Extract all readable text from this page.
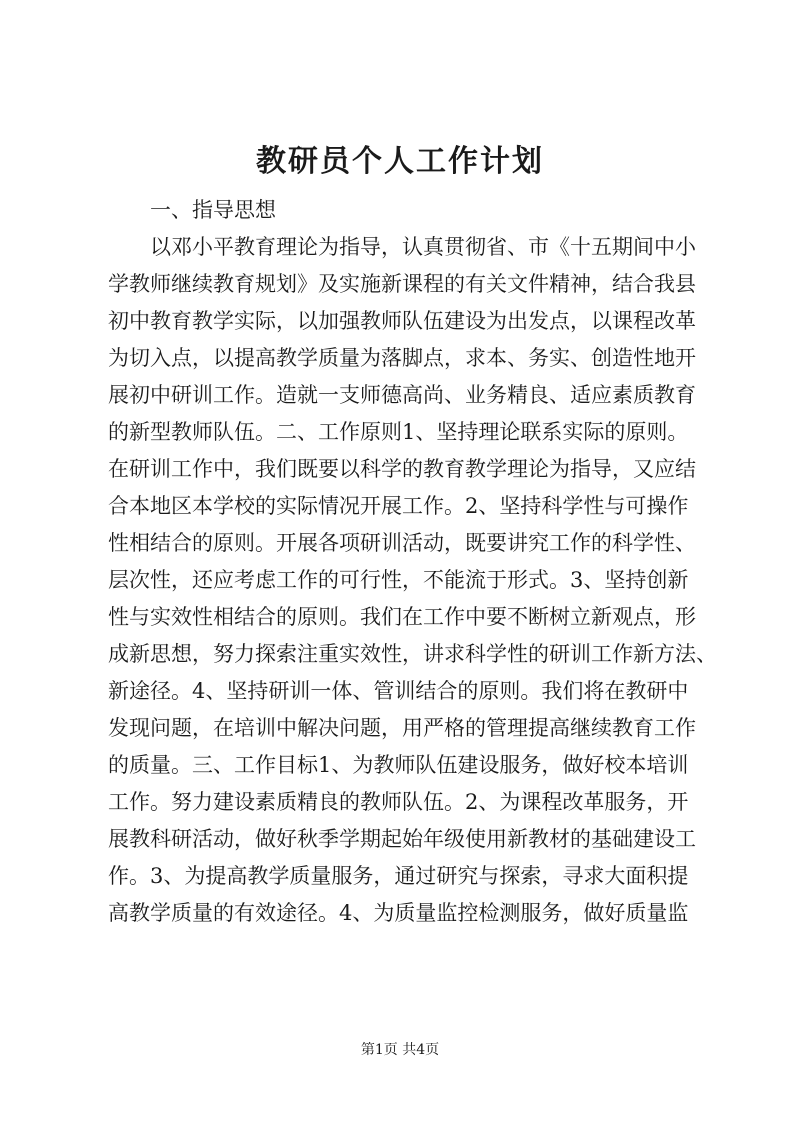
教研员个人工作计划
一、指导思想
以邓小平教育理论为指导，认真贯彻省、市《十五期间中小
学教师继续教育规划》及实施新课程的有关文件精神，结合我县
初中教育教学实际，以加强教师队伍建设为出发点，以课程改革
为切入点，以提高教学质量为落脚点，求本、务实、创造性地开
展初中研训工作。造就一支师德高尚、业务精良、适应素质教育
的新型教师队伍。二、工作原则1、坚持理论联系实际的原则。
在研训工作中，我们既要以科学的教育教学理论为指导，又应结
合本地区本学校的实际情况开展工作。2、坚持科学性与可操作
性相结合的原则。开展各项研训活动，既要讲究工作的科学性、
层次性，还应考虑工作的可行性，不能流于形式。3、坚持创新
性与实效性相结合的原则。我们在工作中要不断树立新观点，形
成新思想，努力探索注重实效性，讲求科学性的研训工作新方法、
新途径。4、坚持研训一体、管训结合的原则。我们将在教研中
发现问题，在培训中解决问题，用严格的管理提高继续教育工作
的质量。三、工作目标1、为教师队伍建设服务，做好校本培训
工作。努力建设素质精良的教师队伍。2、为课程改革服务，开
展教科研活动，做好秋季学期起始年级使用新教材的基础建设工
作。3、为提高教学质量服务，通过研究与探索，寻求大面积提
高教学质量的有效途径。4、为质量监控检测服务，做好质量监
第1页 共4页
